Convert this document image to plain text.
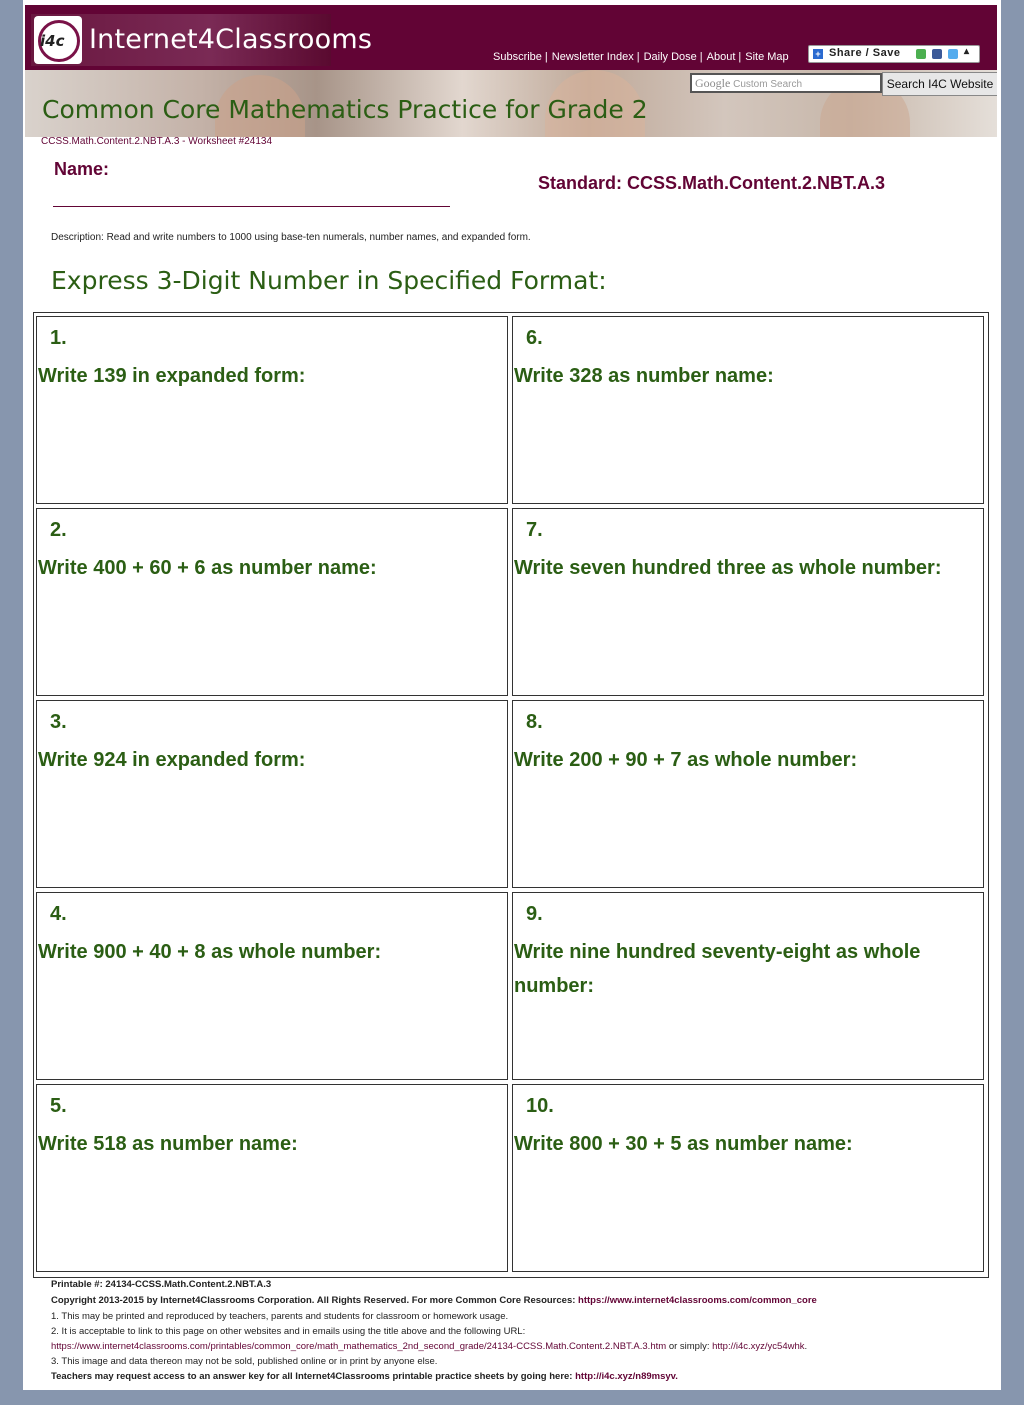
i4c Internet4Classrooms
Subscribe | Newsletter Index | Daily Dose | About | Site Map	+ Share / Save	▴

Google Custom Search	Search I4C Website
Common Core Mathematics Practice for Grade 2
CCSS.Math.Content.2.NBT.A.3 - Worksheet #24134
Name:
Standard: CCSS.Math.Content.2.NBT.A.3
Description: Read and write numbers to 1000 using base-ten numerals, number names, and expanded form.
Express 3-Digit Number in Specified Format:
1.
Write 139 in expanded form:
2.
Write 400 + 60 + 6 as number name:
3.
Write 924 in expanded form:
4.
Write 900 + 40 + 8 as whole number:
5.
Write 518 as number name:
6.
Write 328 as number name:
7.
Write seven hundred three as whole number:
8.
Write 200 + 90 + 7 as whole number:
9.
Write nine hundred seventy-eight as whole number:
10.
Write 800 + 30 + 5 as number name:
Printable #: 24134-CCSS.Math.Content.2.NBT.A.3
Copyright 2013-2015 by Internet4Classrooms Corporation. All Rights Reserved. For more Common Core Resources: https://www.internet4classrooms.com/common_core
1. This may be printed and reproduced by teachers, parents and students for classroom or homework usage.
2. It is acceptable to link to this page on other websites and in emails using the title above and the following URL:
https://www.internet4classrooms.com/printables/common_core/math_mathematics_2nd_second_grade/24134-CCSS.Math.Content.2.NBT.A.3.htm or simply: http://i4c.xyz/yc54whk.
3. This image and data thereon may not be sold, published online or in print by anyone else.
Teachers may request access to an answer key for all Internet4Classrooms printable practice sheets by going here: http://i4c.xyz/n89msyv.
